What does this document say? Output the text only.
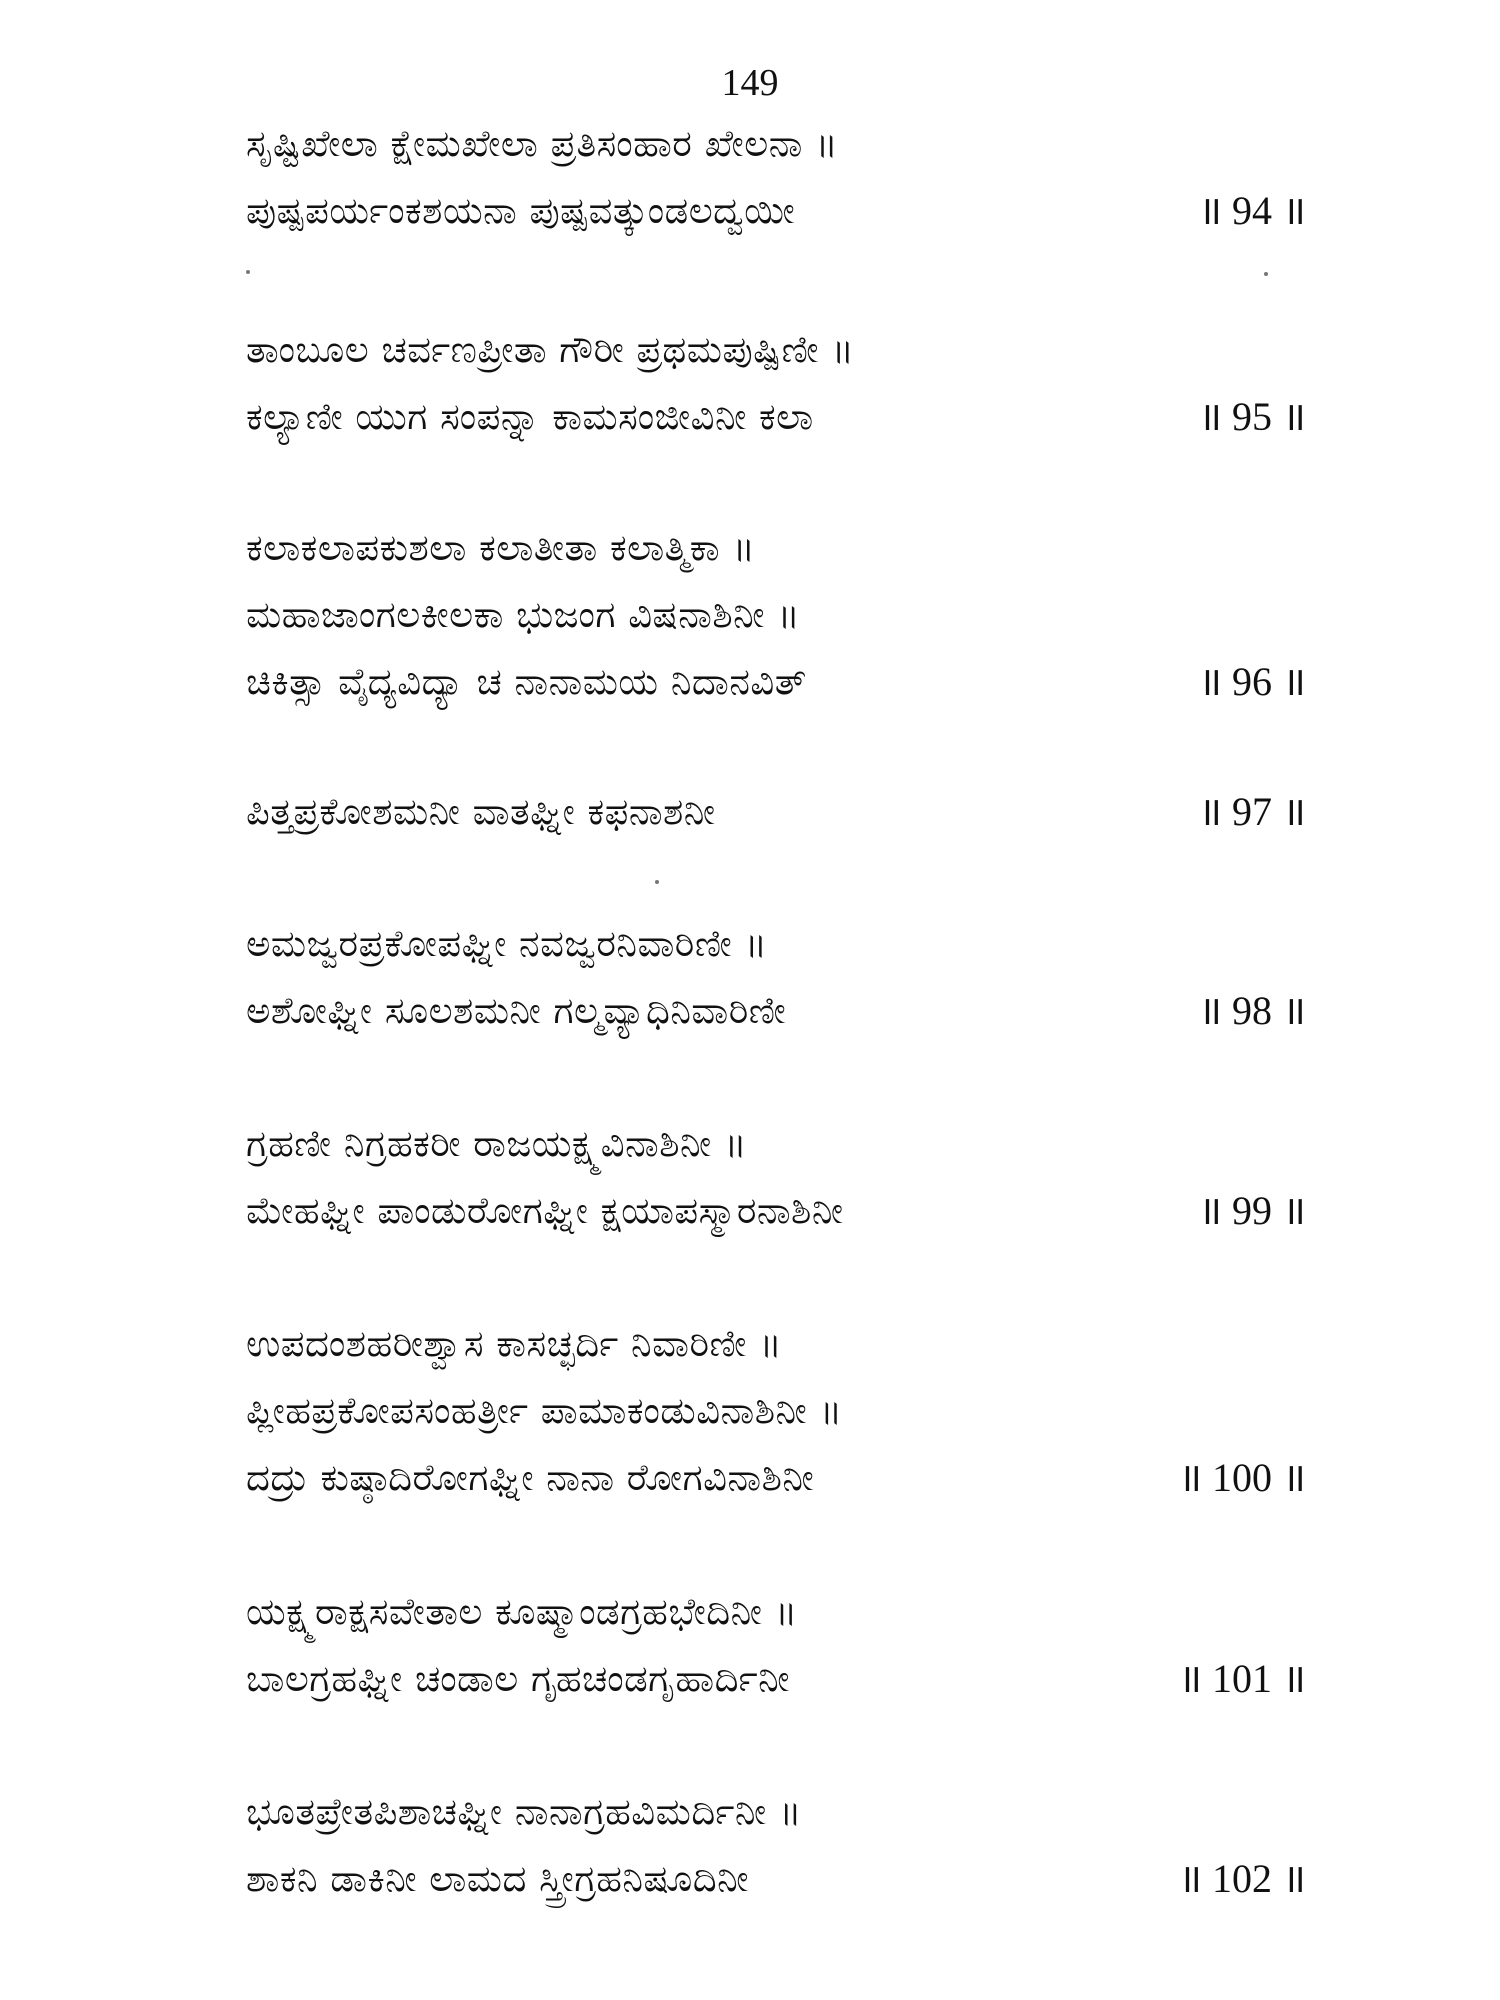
149
ಸೃಷ್ಟಿಖೇಲಾ ಕ್ಷೇಮಖೇಲಾ ಪ್ರತಿಸಂಹಾರ ಖೇಲನಾ ॥
ಪುಷ್ಪಪರ್ಯಂಕಶಯನಾ ಪುಷ್ಪವತ್ಕುಂಡಲದ್ವಯೀ	॥ 94 ॥
ತಾಂಬೂಲ ಚರ್ವಣಪ್ರೀತಾ ಗೌರೀ ಪ್ರಥಮಪುಷ್ಪಿಣೀ ॥
ಕಲ್ಯಾಣೀ ಯುಗ ಸಂಪನ್ನಾ ಕಾಮಸಂಜೀವಿನೀ ಕಲಾ	॥ 95 ॥
ಕಲಾಕಲಾಪಕುಶಲಾ ಕಲಾತೀತಾ ಕಲಾತ್ಮಿಕಾ ॥
ಮಹಾಜಾಂಗಲಕೀಲಕಾ ಭುಜಂಗ ವಿಷನಾಶಿನೀ ॥
ಚಿಕಿತ್ಸಾ ವೈದ್ಯವಿದ್ಯಾ ಚ ನಾನಾಮಯ ನಿದಾನವಿತ್	॥ 96 ॥
ಪಿತ್ತಪ್ರಕೋಶಮನೀ ವಾತಘ್ನೀ ಕಫನಾಶನೀ	॥ 97 ॥
ಅಮಜ್ವರಪ್ರಕೋಪಘ್ನೀ ನವಜ್ವರನಿವಾರಿಣೀ ॥
ಅಶೋಘ್ನೀ ಸೂಲಶಮನೀ ಗಲ್ಮವ್ಯಾಧಿನಿವಾರಿಣೀ	॥ 98 ॥
ಗ್ರಹಣೀ ನಿಗ್ರಹಕರೀ ರಾಜಯಕ್ಷ್ಮವಿನಾಶಿನೀ ॥
ಮೇಹಘ್ನೀ ಪಾಂಡುರೋಗಘ್ನೀ ಕ್ಷಯಾಪಸ್ಮಾರನಾಶಿನೀ	॥ 99 ॥
ಉಪದಂಶಹರೀಶ್ವಾಸ ಕಾಸಚ್ಛರ್ದಿ ನಿವಾರಿಣೀ ॥
ಪ್ಲೀಹಪ್ರಕೋಪಸಂಹರ್ತ್ರೀ ಪಾಮಾಕಂಡುವಿನಾಶಿನೀ ॥
ದದ್ರು ಕುಷ್ಠಾದಿರೋಗಘ್ನೀ ನಾನಾ ರೋಗವಿನಾಶಿನೀ	॥ 100 ॥
ಯಕ್ಷ್ಮರಾಕ್ಷಸವೇತಾಲ ಕೂಷ್ಮಾಂಡಗ್ರಹಭೇದಿನೀ ॥
ಬಾಲಗ್ರಹಘ್ನೀ ಚಂಡಾಲ ಗೃಹಚಂಡಗೃಹಾರ್ದಿನೀ	॥ 101 ॥
ಭೂತಪ್ರೇತಪಿಶಾಚಘ್ನೀ ನಾನಾಗ್ರಹವಿಮರ್ದಿನೀ ॥
ಶಾಕನಿ ಡಾಕಿನೀ ಲಾಮದ ಸ್ತ್ರೀಗ್ರಹನಿಷೂದಿನೀ	॥ 102 ॥
